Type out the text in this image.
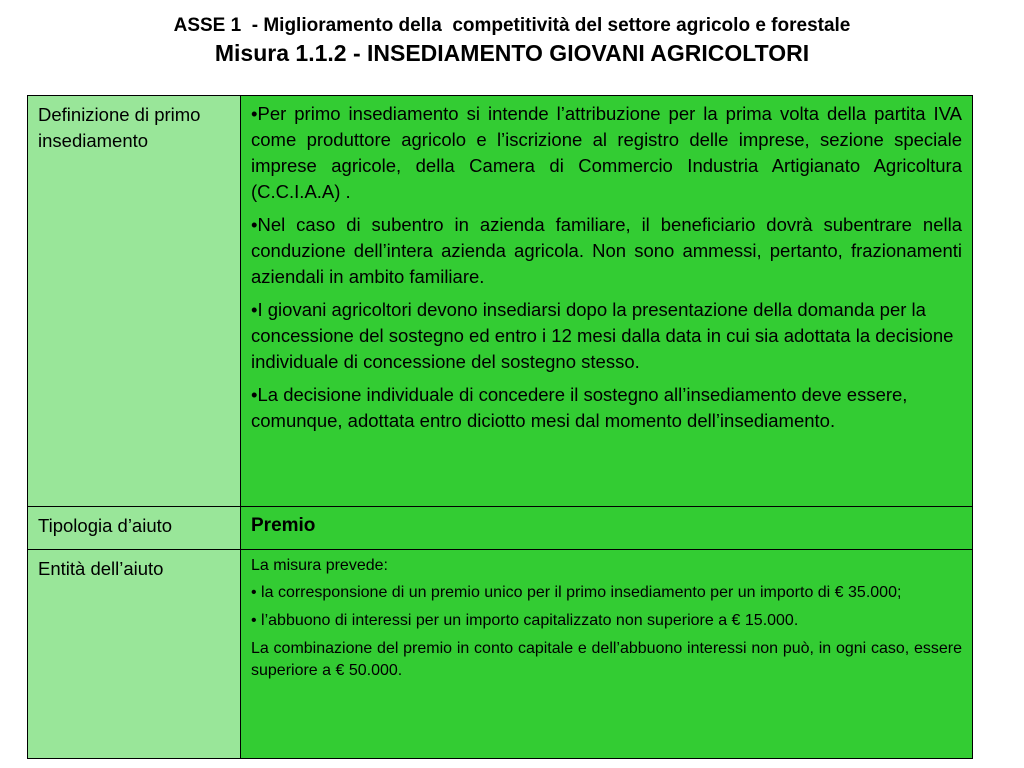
ASSE 1  - Miglioramento della  competitività del settore agricolo e forestale
Misura 1.1.2 - INSEDIAMENTO GIOVANI AGRICOLTORI
Definizione di primo insediamento	•Per primo insediamento si intende l’attribuzione per la prima volta della partita IVA come produttore agricolo e l’iscrizione al registro delle imprese, sezione speciale imprese agricole, della Camera di Commercio Industria Artigianato Agricoltura (C.C.I.A.A) .

•Nel caso di subentro in azienda familiare, il beneficiario dovrà subentrare nella conduzione dell’intera azienda agricola. Non sono ammessi, pertanto, frazionamenti aziendali in ambito familiare.

•I giovani agricoltori devono insediarsi dopo la presentazione della domanda per la concessione del sostegno ed entro i 12 mesi dalla data in cui sia adottata la decisione individuale di concessione del sostegno stesso.

•La decisione individuale di concedere il sostegno all’insediamento deve essere, comunque, adottata entro diciotto mesi dal momento dell’insediamento.

Tipologia d’aiuto	Premio

Entità dell’aiuto	La misura prevede:

• la corresponsione di un premio unico per il primo insediamento per un importo di € 35.000;

• l’abbuono di interessi per un importo capitalizzato non superiore a € 15.000.

La combinazione del premio in conto capitale e dell’abbuono interessi non può, in ogni caso, essere superiore a € 50.000.
